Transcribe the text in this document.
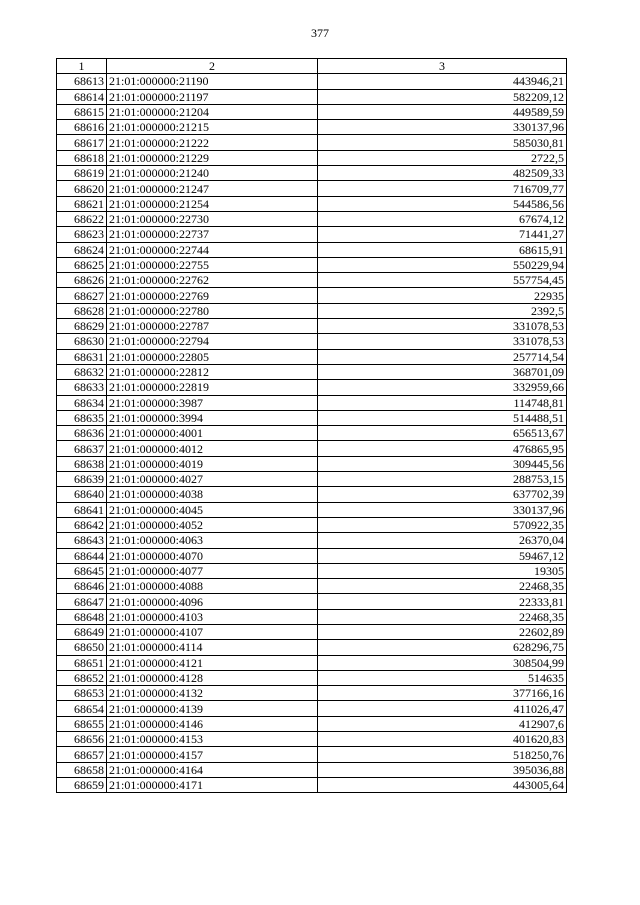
377
1	2	3
68613	21:01:000000:21190	443946,21
68614	21:01:000000:21197	582209,12
68615	21:01:000000:21204	449589,59
68616	21:01:000000:21215	330137,96
68617	21:01:000000:21222	585030,81
68618	21:01:000000:21229	2722,5
68619	21:01:000000:21240	482509,33
68620	21:01:000000:21247	716709,77
68621	21:01:000000:21254	544586,56
68622	21:01:000000:22730	67674,12
68623	21:01:000000:22737	71441,27
68624	21:01:000000:22744	68615,91
68625	21:01:000000:22755	550229,94
68626	21:01:000000:22762	557754,45
68627	21:01:000000:22769	22935
68628	21:01:000000:22780	2392,5
68629	21:01:000000:22787	331078,53
68630	21:01:000000:22794	331078,53
68631	21:01:000000:22805	257714,54
68632	21:01:000000:22812	368701,09
68633	21:01:000000:22819	332959,66
68634	21:01:000000:3987	114748,81
68635	21:01:000000:3994	514488,51
68636	21:01:000000:4001	656513,67
68637	21:01:000000:4012	476865,95
68638	21:01:000000:4019	309445,56
68639	21:01:000000:4027	288753,15
68640	21:01:000000:4038	637702,39
68641	21:01:000000:4045	330137,96
68642	21:01:000000:4052	570922,35
68643	21:01:000000:4063	26370,04
68644	21:01:000000:4070	59467,12
68645	21:01:000000:4077	19305
68646	21:01:000000:4088	22468,35
68647	21:01:000000:4096	22333,81
68648	21:01:000000:4103	22468,35
68649	21:01:000000:4107	22602,89
68650	21:01:000000:4114	628296,75
68651	21:01:000000:4121	308504,99
68652	21:01:000000:4128	514635
68653	21:01:000000:4132	377166,16
68654	21:01:000000:4139	411026,47
68655	21:01:000000:4146	412907,6
68656	21:01:000000:4153	401620,83
68657	21:01:000000:4157	518250,76
68658	21:01:000000:4164	395036,88
68659	21:01:000000:4171	443005,64
